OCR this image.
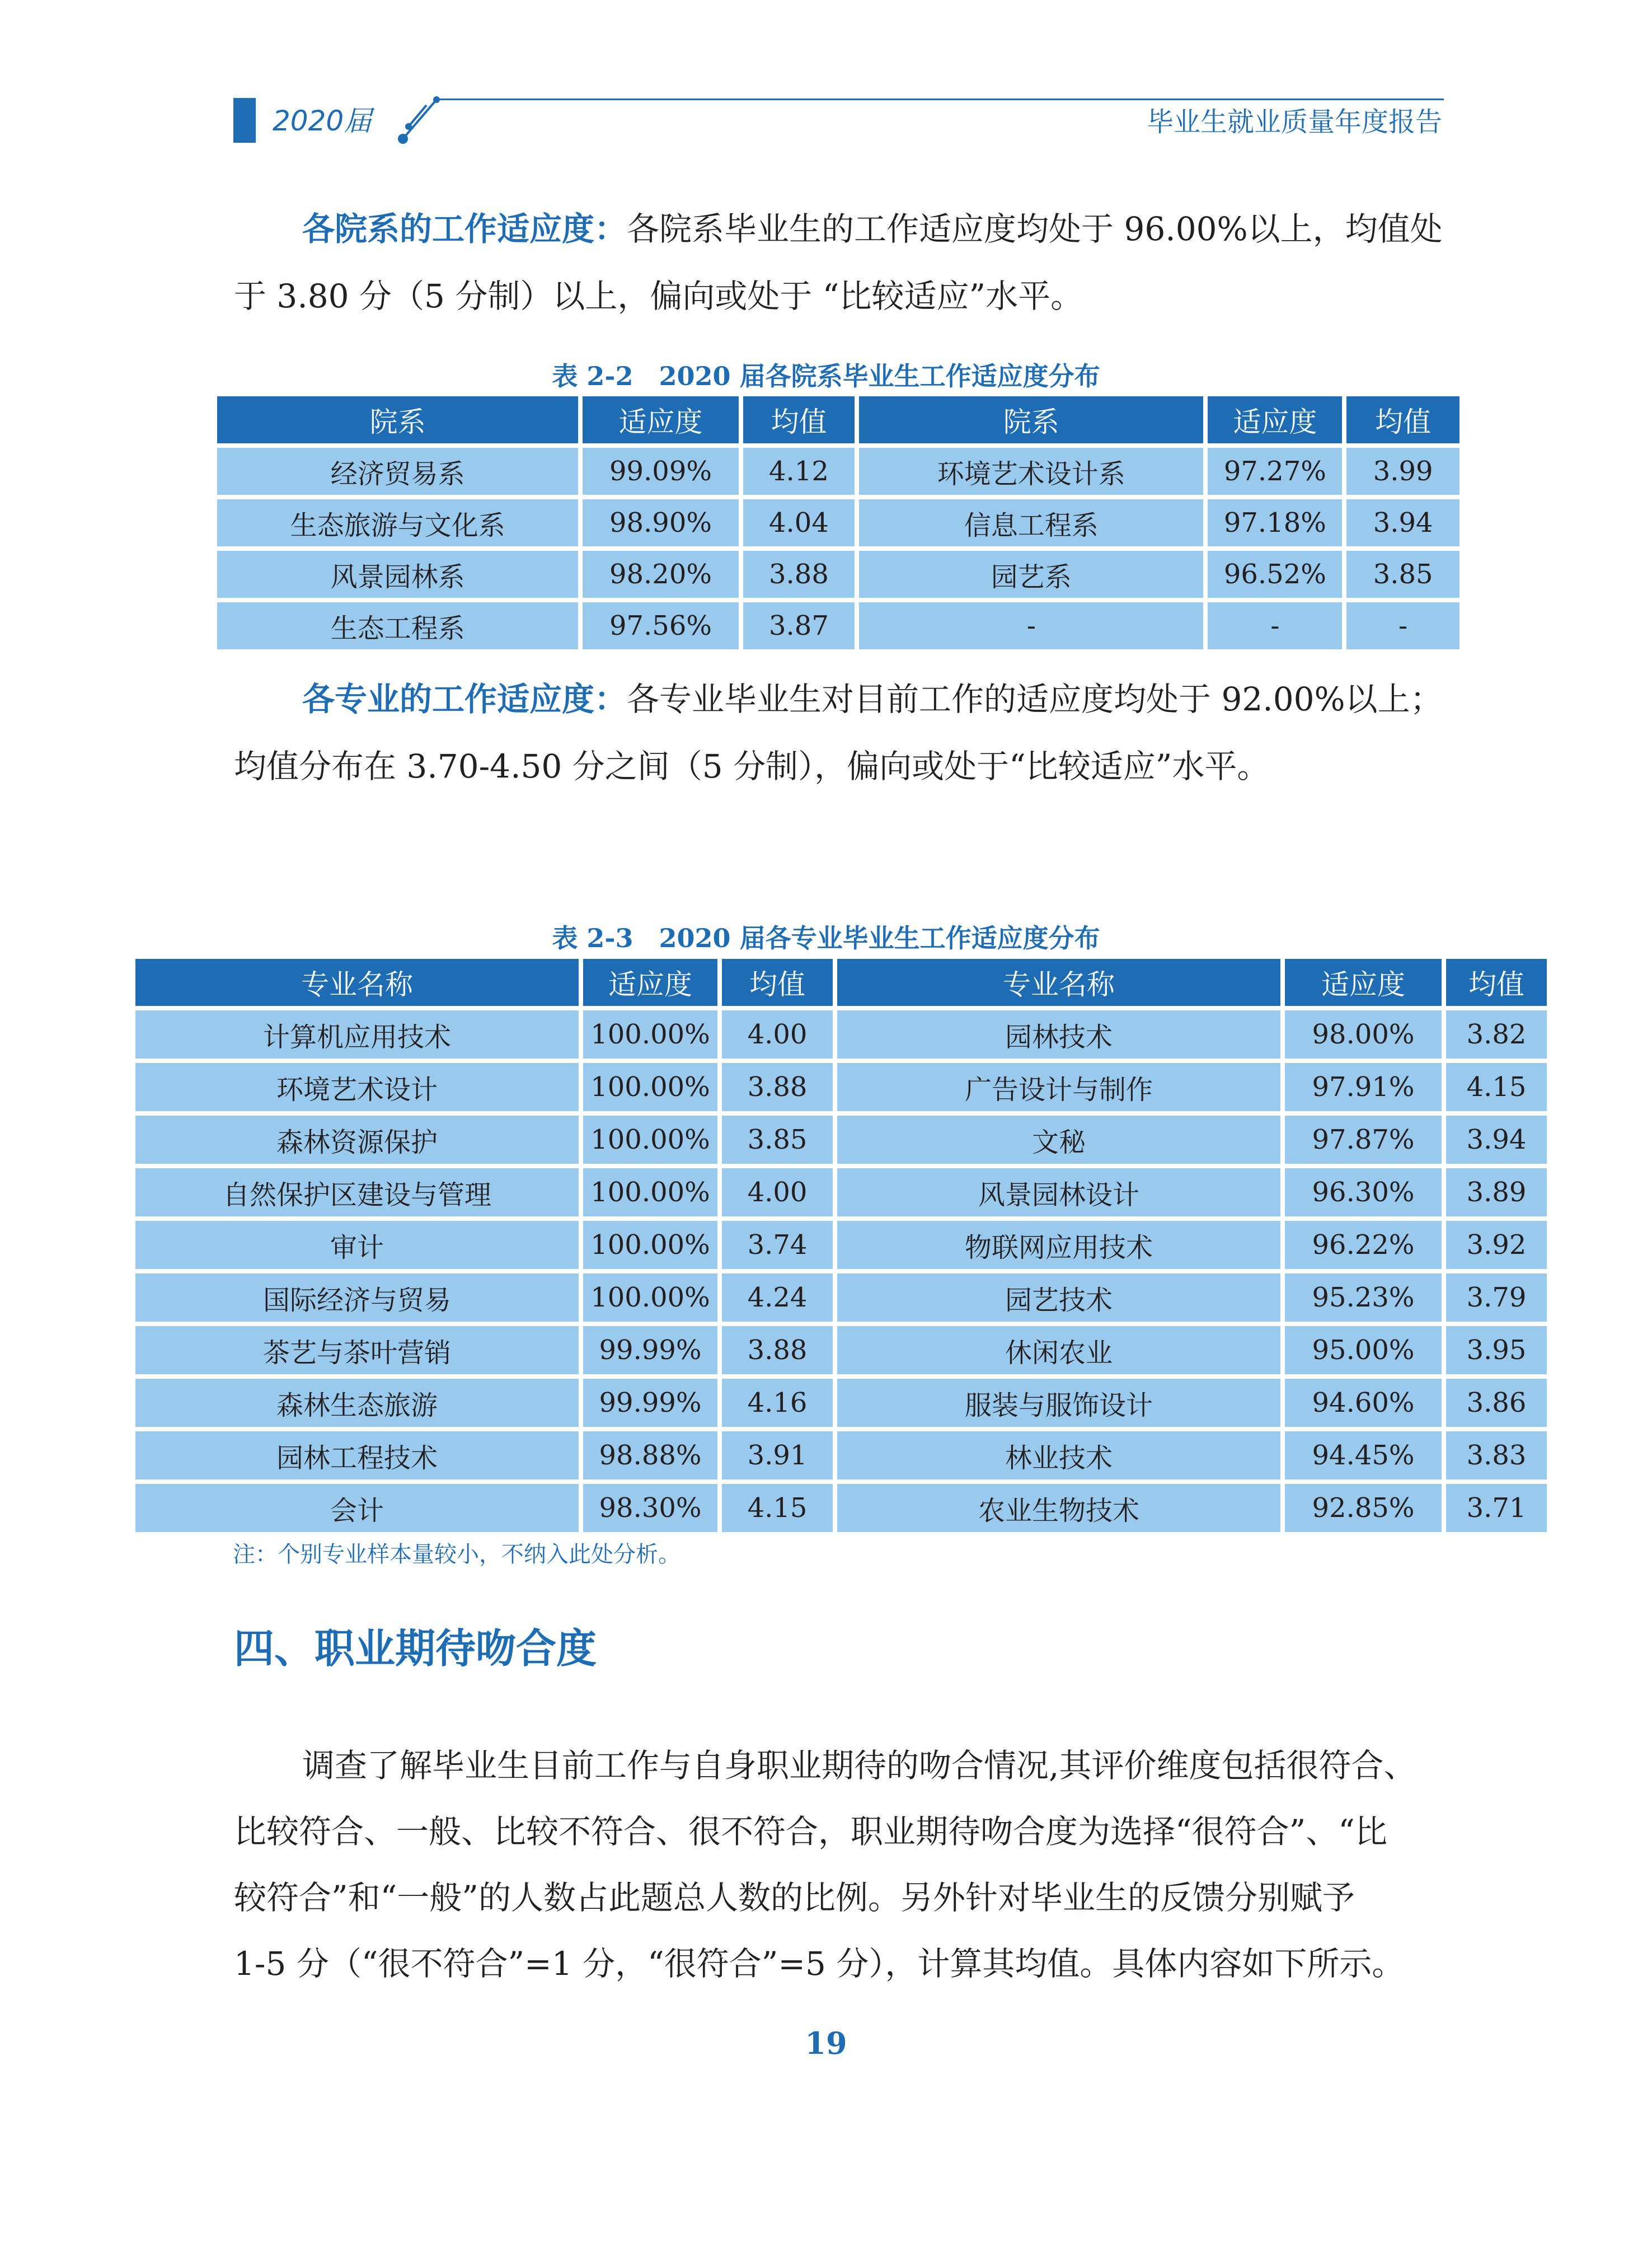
2020届	毕业生就业质量年度报告
各院系的工作适应度：各院系毕业生的工作适应度均处于 96.00%以上，均值处
于 3.80 分（5 分制）以上，偏向或处于 “比较适应”水平。
表 2-2　2020 届各院系毕业生工作适应度分布
院系	适应度	均值	院系	适应度	均值
经济贸易系	99.09%	4.12	环境艺术设计系	97.27%	3.99
生态旅游与文化系	98.90%	4.04	信息工程系	97.18%	3.94
风景园林系	98.20%	3.88	园艺系	96.52%	3.85
生态工程系	97.56%	3.87	-	-	-
各专业的工作适应度：各专业毕业生对目前工作的适应度均处于 92.00%以上；
均值分布在 3.70-4.50 分之间（5 分制），偏向或处于“比较适应”水平。
表 2-3　2020 届各专业毕业生工作适应度分布
专业名称	适应度	均值	专业名称	适应度	均值
计算机应用技术	100.00%	4.00	园林技术	98.00%	3.82
环境艺术设计	100.00%	3.88	广告设计与制作	97.91%	4.15
森林资源保护	100.00%	3.85	文秘	97.87%	3.94
自然保护区建设与管理	100.00%	4.00	风景园林设计	96.30%	3.89
审计	100.00%	3.74	物联网应用技术	96.22%	3.92
国际经济与贸易	100.00%	4.24	园艺技术	95.23%	3.79
茶艺与茶叶营销	99.99%	3.88	休闲农业	95.00%	3.95
森林生态旅游	99.99%	4.16	服装与服饰设计	94.60%	3.86
园林工程技术	98.88%	3.91	林业技术	94.45%	3.83
会计	98.30%	4.15	农业生物技术	92.85%	3.71
注：个别专业样本量较小，不纳入此处分析。
四、职业期待吻合度
调查了解毕业生目前工作与自身职业期待的吻合情况,其评价维度包括很符合、
比较符合、一般、比较不符合、很不符合，职业期待吻合度为选择“很符合”、“比
较符合”和“一般”的人数占此题总人数的比例。另外针对毕业生的反馈分别赋予
1-5 分（“很不符合”=1 分，“很符合”=5 分），计算其均值。具体内容如下所示。
19
